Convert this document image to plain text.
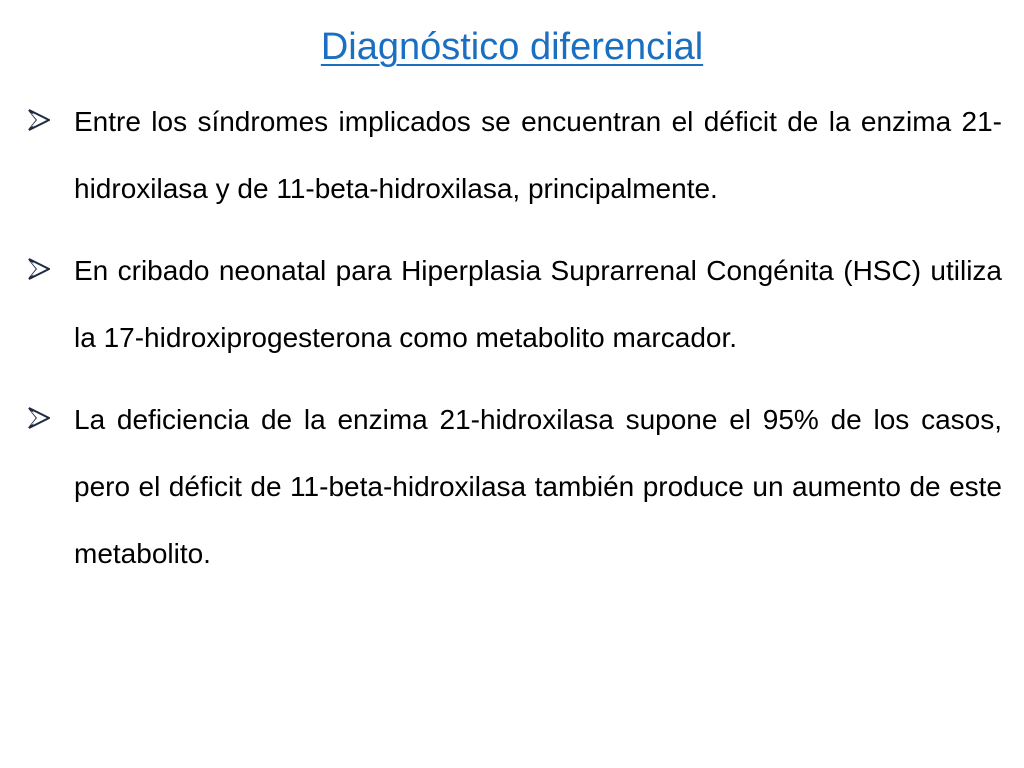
Diagnóstico diferencial
Entre los síndromes implicados se encuentran el déficit de la enzima 21-hidroxilasa y de 11-beta-hidroxilasa, principalmente.
En cribado neonatal para Hiperplasia Suprarrenal Congénita (HSC) utiliza la 17-hidroxiprogesterona como metabolito marcador.
La deficiencia de la enzima 21-hidroxilasa supone el 95% de los casos, pero el déficit de 11-beta-hidroxilasa también produce un aumento de este metabolito.
